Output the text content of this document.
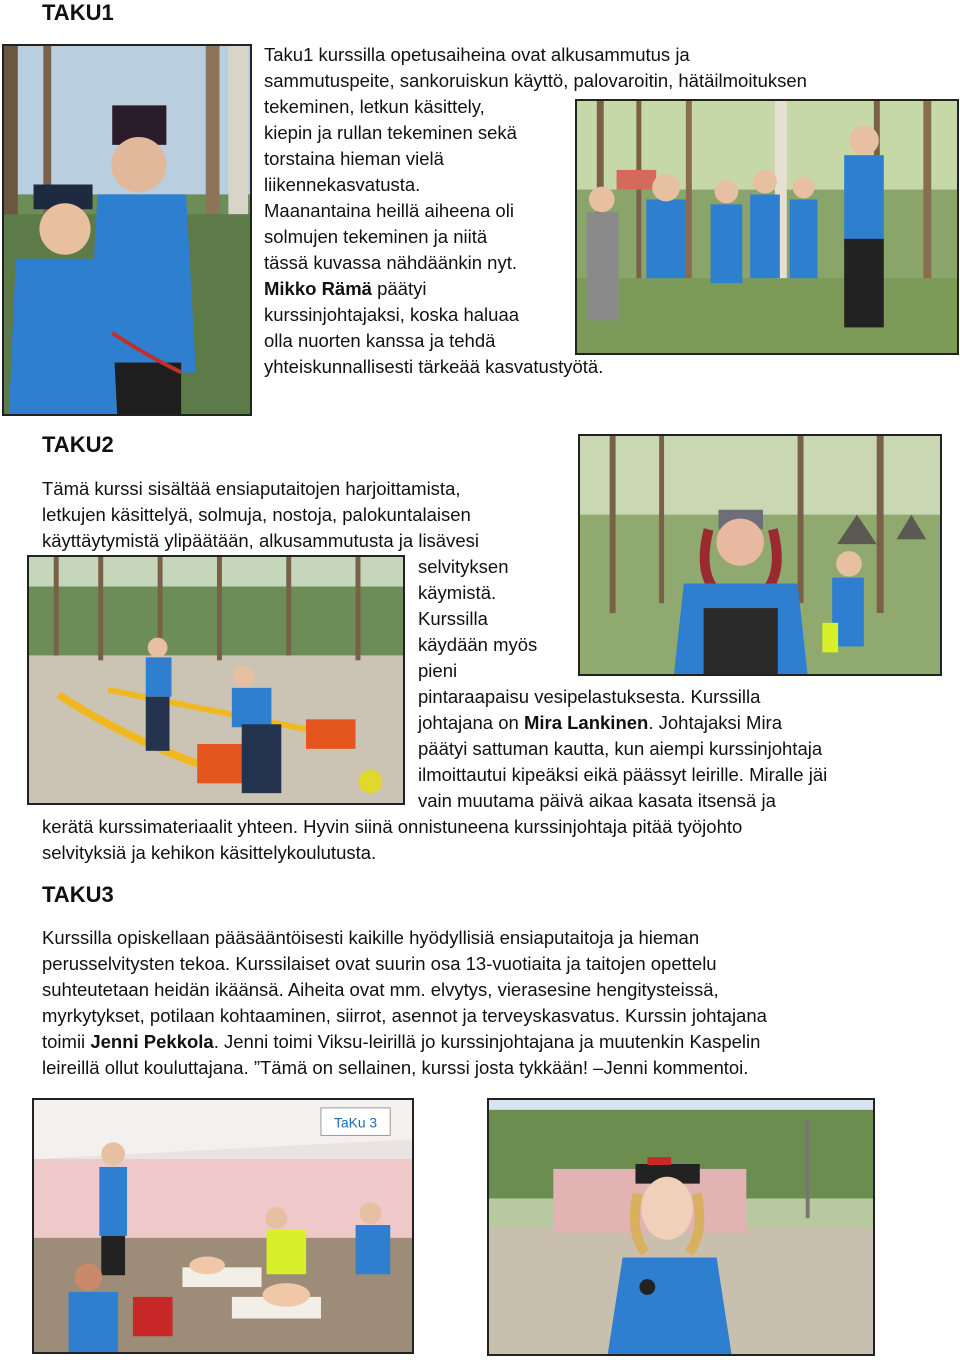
TAKU1

Taku1 kurssilla opetusaiheina ovat alkusammutus ja
sammutuspeite, sankoruiskun käyttö, palovaroitin, hätäilmoituksen
tekeminen, letkun käsittely,
kiepin ja rullan tekeminen sekä
torstaina hieman vielä
liikennekasvatusta.
Maanantaina heillä aiheena oli
solmujen tekeminen ja niitä
tässä kuvassa nähdäänkin nyt.
Mikko Rämä päätyi
kurssinjohtajaksi, koska haluaa
olla nuorten kanssa ja tehdä
yhteiskunnallisesti tärkeää kasvatustyötä.

TAKU2

Tämä kurssi sisältää ensiaputaitojen harjoittamista,
letkujen käsittelyä, solmuja, nostoja, palokuntalaisen
käyttäytymistä ylipäätään, alkusammutusta ja lisävesi

selvityksen
käymistä.
Kurssilla
käydään myös
pieni
pintaraapaisu vesipelastuksesta. Kurssilla
johtajana on Mira Lankinen. Johtajaksi Mira
päätyi sattuman kautta, kun aiempi kurssinjohtaja
ilmoittautui kipeäksi eikä päässyt leirille. Miralle jäi
vain muutama päivä aikaa kasata itsensä ja

kerätä kurssimateriaalit yhteen. Hyvin siinä onnistuneena kurssinjohtaja pitää työjohto
selvityksiä ja kehikon käsittelykoulutusta.

TAKU3

Kurssilla opiskellaan pääsääntöisesti kaikille hyödyllisiä ensiaputaitoja ja hieman
perusselvitysten tekoa. Kurssilaiset ovat suurin osa 13-vuotiaita ja taitojen opettelu
suhteutetaan heidän ikäänsä. Aiheita ovat mm. elvytys, vierasesine hengitysteissä,
myrkytykset, potilaan kohtaaminen, siirrot, asennot ja terveyskasvatus. Kurssin johtajana
toimii Jenni Pekkola. Jenni toimi Viksu-leirillä jo kurssinjohtajana ja muutenkin Kaspelin
leireillä ollut kouluttajana. ”Tämä on sellainen, kurssi josta tykkään! –Jenni kommentoi.

TaKu 3
